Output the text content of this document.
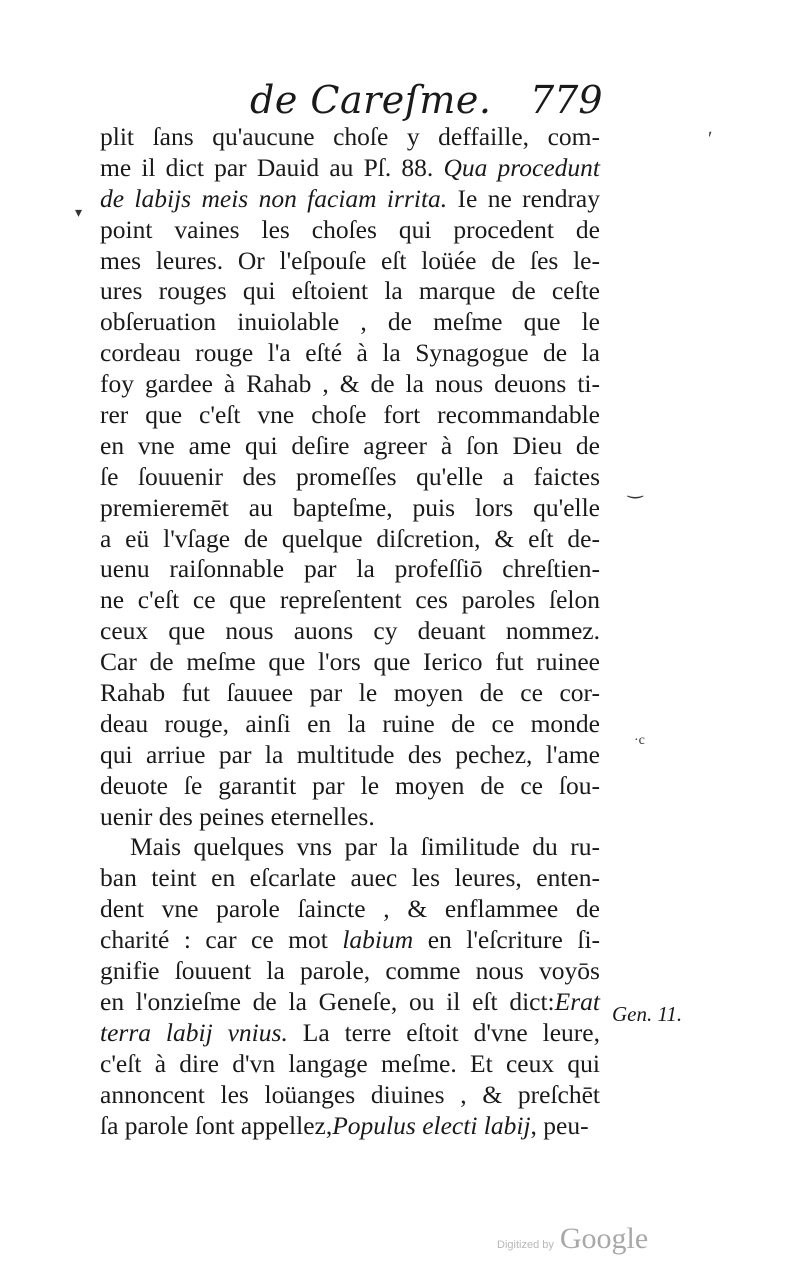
de Careſme. 779
plit ſans qu'aucune choſe y deffaille, com-
me il dict par Dauid au Pſ. 88. Qua procedunt
de labijs meis non faciam irrita. Ie ne rendray
point vaines les choſes qui procedent de
mes leures. Or l'eſpouſe eſt loüée de ſes le-
ures rouges qui eſtoient la marque de ceſte
obſeruation inuiolable , de meſme que le
cordeau rouge l'a eſté à la Synagogue de la
foy gardee à Rahab , & de la nous deuons ti-
rer que c'eſt vne choſe fort recommandable
en vne ame qui deſire agreer à ſon Dieu de
ſe ſouuenir des promeſſes qu'elle a faictes
premieremēt au bapteſme, puis lors qu'elle
a eü l'vſage de quelque diſcretion, & eſt de-
uenu raiſonnable par la profeſſiō chreſtien-
ne c'eſt ce que repreſentent ces paroles ſelon
ceux que nous auons cy deuant nommez.
Car de meſme que l'ors que Ierico fut ruinee
Rahab fut ſauuee par le moyen de ce cor-
deau rouge, ainſi en la ruine de ce monde
qui arriue par la multitude des pechez, l'ame
deuote ſe garantit par le moyen de ce ſou-
uenir des peines eternelles.
Mais quelques vns par la ſimilitude du ru-
ban teint en eſcarlate auec les leures, enten-
dent vne parole ſaincte , & enflammee de
charité : car ce mot labium en l'eſcriture ſi-
gnifie ſouuent la parole, comme nous voyōs
en l'onzieſme de la Geneſe, ou il eſt dict:Erat
terra labij vnius. La terre eſtoit d'vne leure,
c'eſt à dire d'vn langage meſme. Et ceux qui
annoncent les loüanges diuines , & preſchēt
ſa parole ſont appellez,Populus electi labij, peu-
Gen. 11.
ʹ
▾
‿
·c
Digitized by Google
